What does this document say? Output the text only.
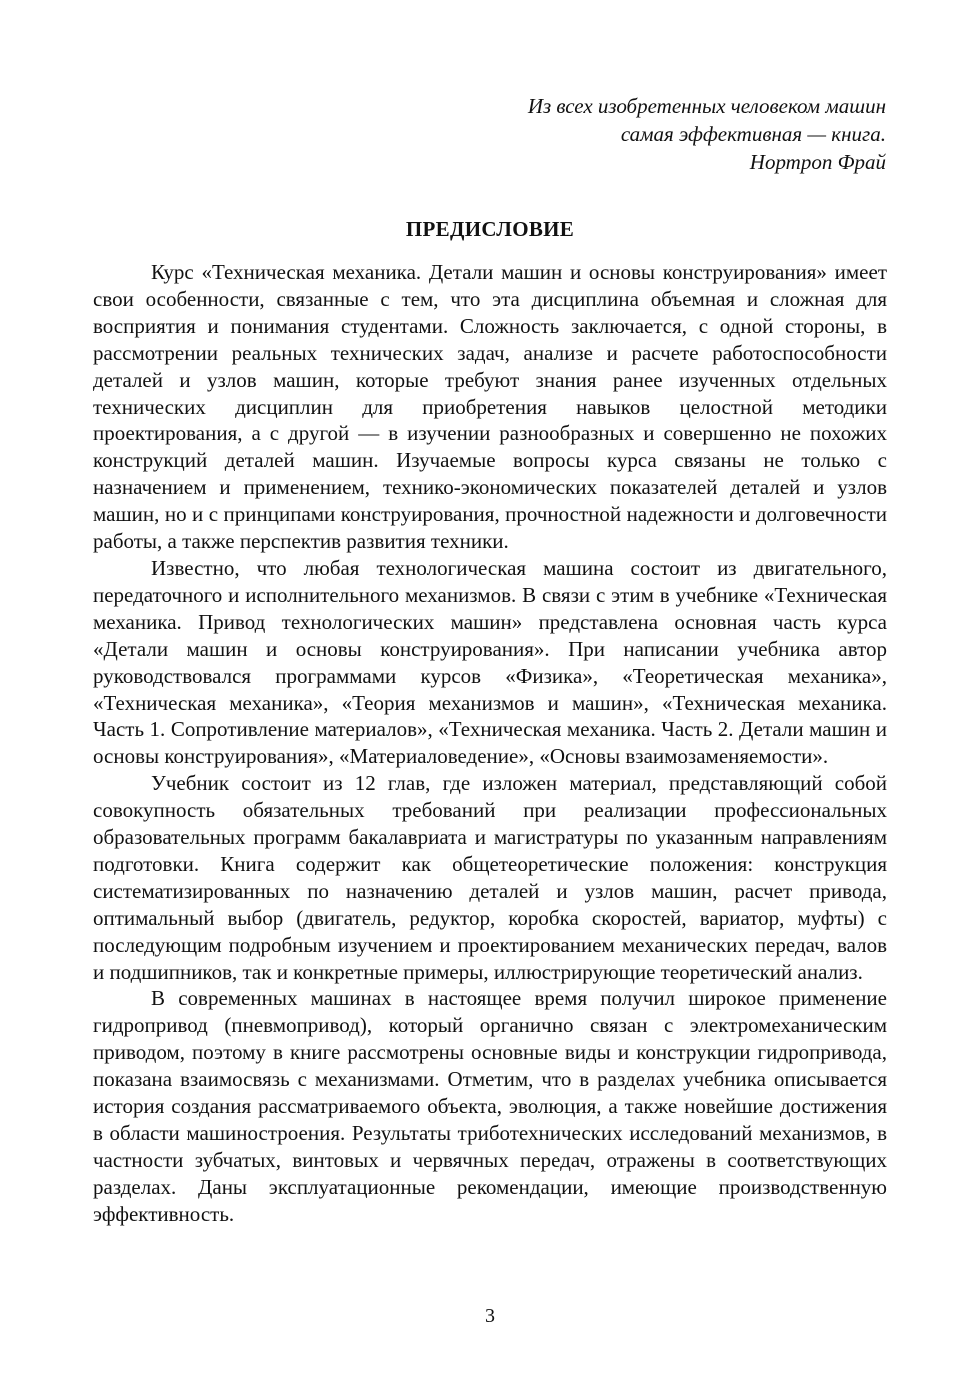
Из всех изобретенных человеком машин
самая эффективная — книга.
Нортроп Фрай
ПРЕДИСЛОВИЕ

Курс «Техническая механика. Детали машин и основы конструирования» имеет свои особенности, связанные с тем, что эта дисциплина объемная и сложная для восприятия и понимания студентами. Сложность заключается, с одной стороны, в рассмотрении реальных технических задач, анализе и расчете работоспособности деталей и узлов машин, которые требуют знания ранее изученных отдельных технических дисциплин для приобретения навыков целостной методики проектирования, а с другой — в изучении разнообразных и совершенно не похожих конструкций деталей машин. Изучаемые вопросы курса связаны не только с назначением и применением, технико-экономических показателей деталей и узлов машин, но и с принципами конструирования, прочностной надежности и долговечности работы, а также перспектив развития техники.

Известно, что любая технологическая машина состоит из двигательного, передаточного и исполнительного механизмов. В связи с этим в учебнике «Техническая механика. Привод технологических машин» представлена основная часть курса «Детали машин и основы конструирования». При написании учебника автор руководствовался программами курсов «Физика», «Теоретическая механика», «Техническая механика», «Теория механизмов и машин», «Техническая механика. Часть 1. Сопротивление материалов», «Техническая механика. Часть 2. Детали машин и основы конструирования», «Материаловедение», «Основы взаимозаменяемости».

Учебник состоит из 12 глав, где изложен материал, представляющий собой совокупность обязательных требований при реализации профессиональных образовательных программ бакалавриата и магистратуры по указанным направлениям подготовки. Книга содержит как общетеоретические положения: конструкция систематизированных по назначению деталей и узлов машин, расчет привода, оптимальный выбор (двигатель, редуктор, коробка скоростей, вариатор, муфты) с последующим подробным изучением и проектированием механических передач, валов и подшипников, так и конкретные примеры, иллюстрирующие теоретический анализ.

В современных машинах в настоящее время получил широкое применение гидропривод (пневмопривод), который органично связан с электромеханическим приводом, поэтому в книге рассмотрены основные виды и конструкции гидропривода, показана взаимосвязь с механизмами. Отметим, что в разделах учебника описывается история создания рассматриваемого объекта, эволюция, а также новейшие достижения в области машиностроения. Результаты триботехнических исследований механизмов, в частности зубчатых, винтовых и червячных передач, отражены в соответствующих разделах. Даны эксплуатационные рекомендации, имеющие производственную эффективность.

3
